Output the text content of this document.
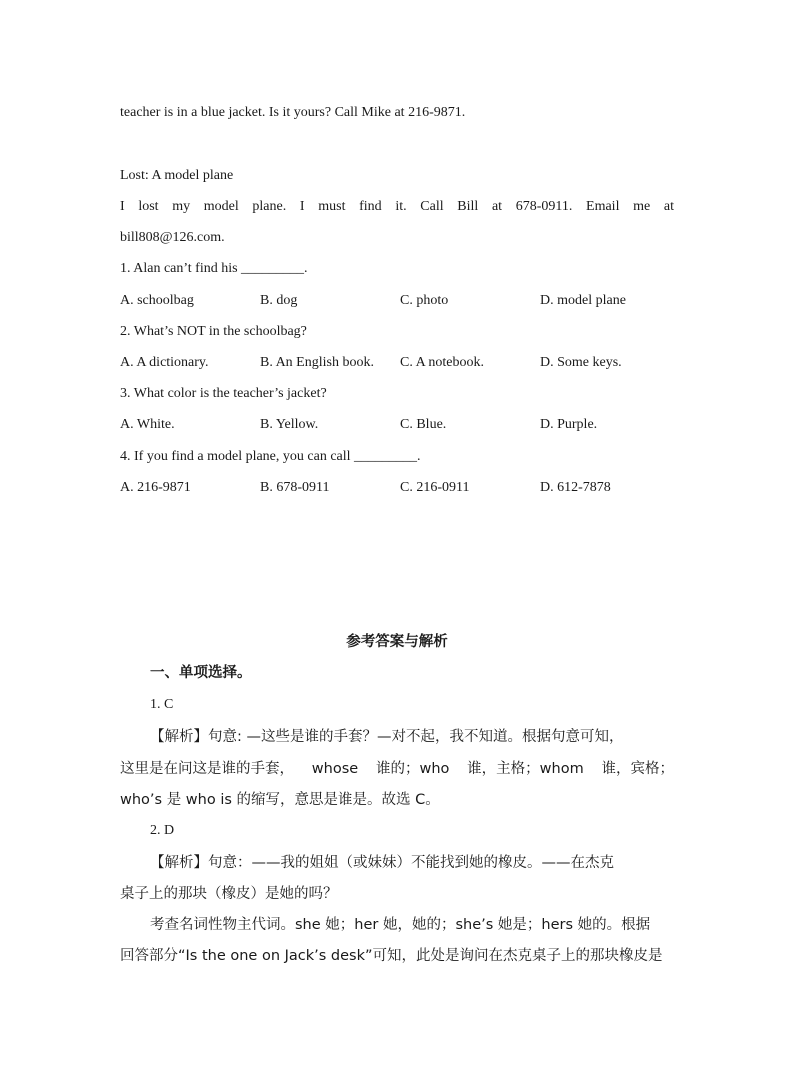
teacher is in a blue jacket. Is it yours? Call Mike at 216-9871.
Lost: A model plane
I lost my model plane. I must find it. Call Bill at 678-0911. Email me at
bill808@126.com.
1. Alan can’t find his _________.
A. schoolbag	B. dog	C. photo	D. model plane
2. What’s NOT in the schoolbag?
A. A dictionary.	B. An English book. C. A notebook.	D. Some keys.
3. What color is the teacher’s jacket?
A. White.	B. Yellow.	C. Blue.	D. Purple.
4. If you find a model plane, you can call _________.
A. 216-9871	B. 678-0911	C. 216-0911	D. 612-7878
参考答案与解析
一、单项选择。
1. C
【解析】句意: —这些是谁的手套？—对不起，我不知道。根据句意可知，
这里是在问这是谁的手套， whose 谁的；who 谁，主格；whom 谁，宾格；
who’s 是 who is 的缩写，意思是谁是。故选 C。
2. D
【解析】句意：——我的姐姐（或妹妹）不能找到她的橡皮。——在杰克
桌子上的那块（橡皮）是她的吗？
考查名词性物主代词。she 她；her 她，她的；she’s 她是；hers 她的。根据
回答部分“Is the one on Jack’s desk”可知，此处是询问在杰克桌子上的那块橡皮是
